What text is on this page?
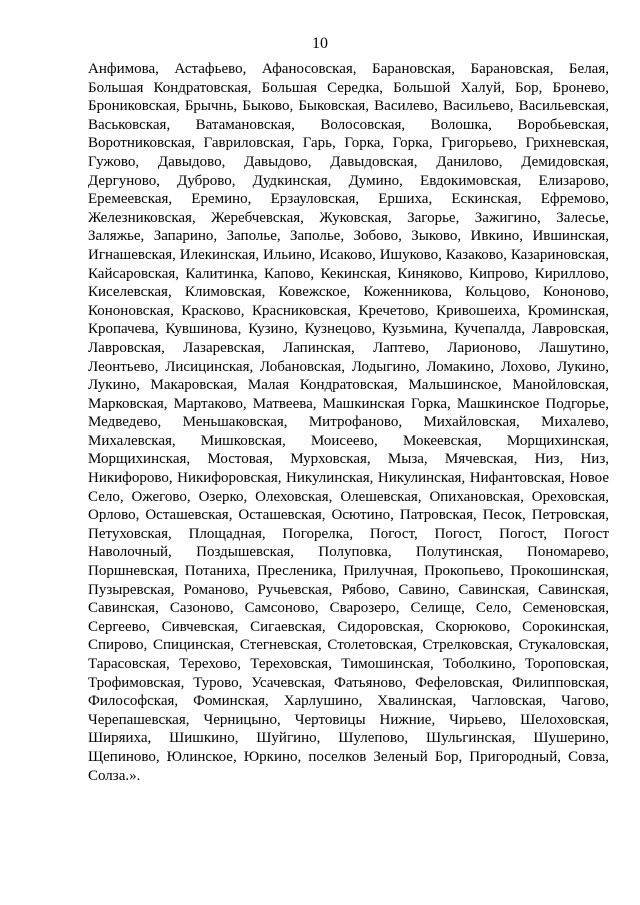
10

Анфимова, Астафьево, Афаносовская, Барановская, Барановская, Белая, Большая Кондратовская, Большая Середка, Большой Халуй, Бор, Бронево, Брониковская, Брычнь, Быково, Быковская, Василево, Васильево, Васильевская, Васьковская, Ватамановская, Волосовская, Волошка, Воробьевская, Воротниковская, Гавриловская, Гарь, Горка, Горка, Григорьево, Грихневская, Гужово, Давыдово, Давыдово, Давыдовская, Данилово, Демидовская, Дергуново, Дуброво, Дудкинская, Думино, Евдокимовская, Елизарово, Еремеевская, Еремино, Ерзауловская, Ершиха, Ескинская, Ефремово, Железниковская, Жеребчевская, Жуковская, Загорье, Зажигино, Залесье, Заляжье, Запарино, Заполье, Заполье, Зобово, Зыково, Ивкино, Ившинская, Игнашевская, Илекинская, Ильино, Исаково, Ишуково, Казаково, Казариновская, Кайсаровская, Калитинка, Капово, Кекинская, Киняково, Кипрово, Кириллово, Киселевская, Климовская, Ковежское, Коженникова, Кольцово, Кононово, Кононовская, Красково, Красниковская, Кречетово, Кривошеиха, Кроминская, Кропачева, Кувшинова, Кузино, Кузнецово, Кузьмина, Кучепалда, Лавровская, Лавровская, Лазаревская, Лапинская, Лаптево, Ларионово, Лашутино, Леонтьево, Лисицинская, Лобановская, Лодыгино, Ломакино, Лохово, Лукино, Лукино, Макаровская, Малая Кондратовская, Мальшинское, Манойловская, Марковская, Мартаково, Матвеева, Машкинская Горка, Машкинское Подгорье, Медведево, Меньшаковская, Митрофаново, Михайловская, Михалево, Михалевская, Мишковская, Моисеево, Мокеевская, Морщихинская, Морщихинская, Мостовая, Мурховская, Мыза, Мячевская, Низ, Низ, Никифорово, Никифоровская, Никулинская, Никулинская, Нифантовская, Новое Село, Ожегово, Озерко, Олеховская, Олешевская, Опихановская, Ореховская, Орлово, Осташевская, Осташевская, Осютино, Патровская, Песок, Петровская, Петуховская, Площадная, Погорелка, Погост, Погост, Погост, Погост Наволочный, Поздышевская, Полуповка, Полутинская, Пономарево, Поршневская, Потаниха, Пресленика, Прилучная, Прокопьево, Прокошинская, Пузыревская, Романово, Ручьевская, Рябово, Савино, Савинская, Савинская, Савинская, Сазоново, Самсоново, Сварозеро, Селище, Село, Семеновская, Сергеево, Сивчевская, Сигаевская, Сидоровская, Скорюково, Сорокинская, Спирово, Спицинская, Стегневская, Столетовская, Стрелковская, Стукаловская, Тарасовская, Терехово, Тереховская, Тимошинская, Тоболкино, Тороповская, Трофимовская, Турово, Усачевская, Фатьяново, Фефеловская, Филипповская, Философская, Фоминская, Харлушино, Хвалинская, Чагловская, Чагово, Черепашевская, Черницыно, Чертовицы Нижние, Чирьево, Шелоховская, Ширяиха, Шишкино, Шуйгино, Шулепово, Шульгинская, Шушерино, Щепиново, Юлинское, Юркино, поселков Зеленый Бор, Пригородный, Совза, Солза.».
